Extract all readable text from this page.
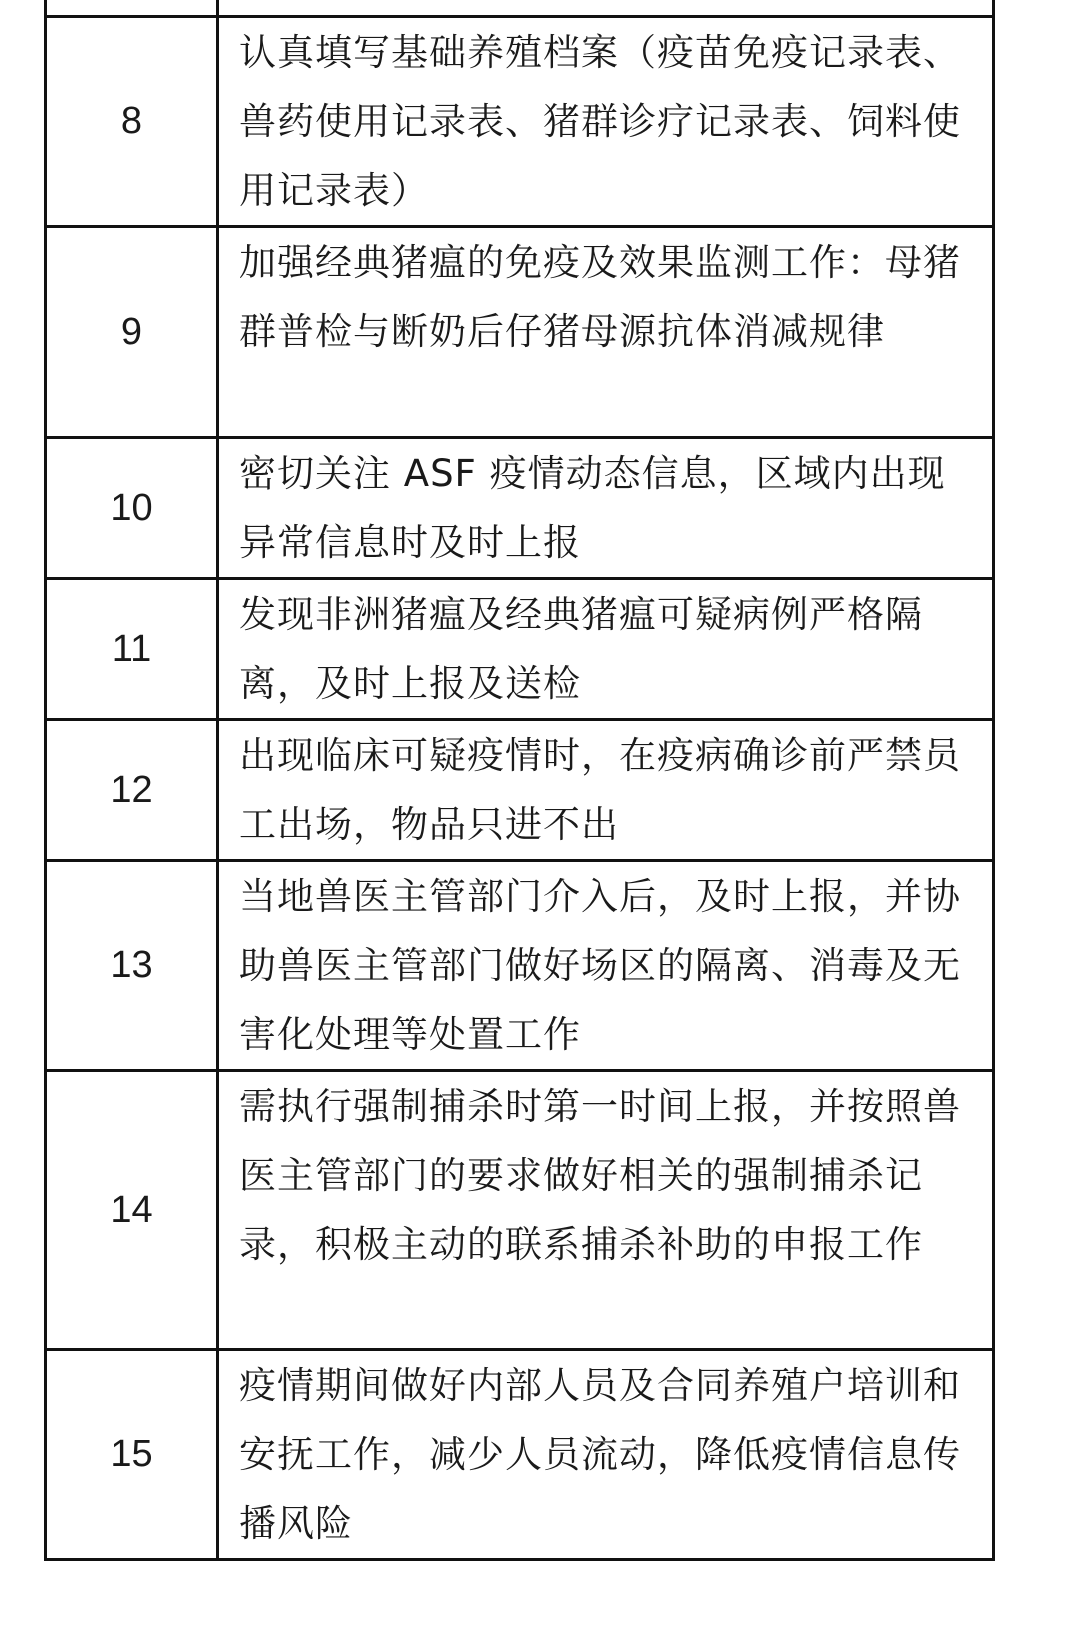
8	认真填写基础养殖档案（疫苗免疫记录表、兽药使用记录表、猪群诊疗记录表、饲料使用记录表）
9	加强经典猪瘟的免疫及效果监测工作：母猪群普检与断奶后仔猪母源抗体消减规律
10	密切关注 ASF 疫情动态信息，区域内出现异常信息时及时上报
11	发现非洲猪瘟及经典猪瘟可疑病例严格隔离，及时上报及送检
12	出现临床可疑疫情时，在疫病确诊前严禁员工出场，物品只进不出
13	当地兽医主管部门介入后，及时上报，并协助兽医主管部门做好场区的隔离、消毒及无害化处理等处置工作
14	需执行强制捕杀时第一时间上报，并按照兽医主管部门的要求做好相关的强制捕杀记录，积极主动的联系捕杀补助的申报工作
15	疫情期间做好内部人员及合同养殖户培训和安抚工作，减少人员流动，降低疫情信息传播风险
